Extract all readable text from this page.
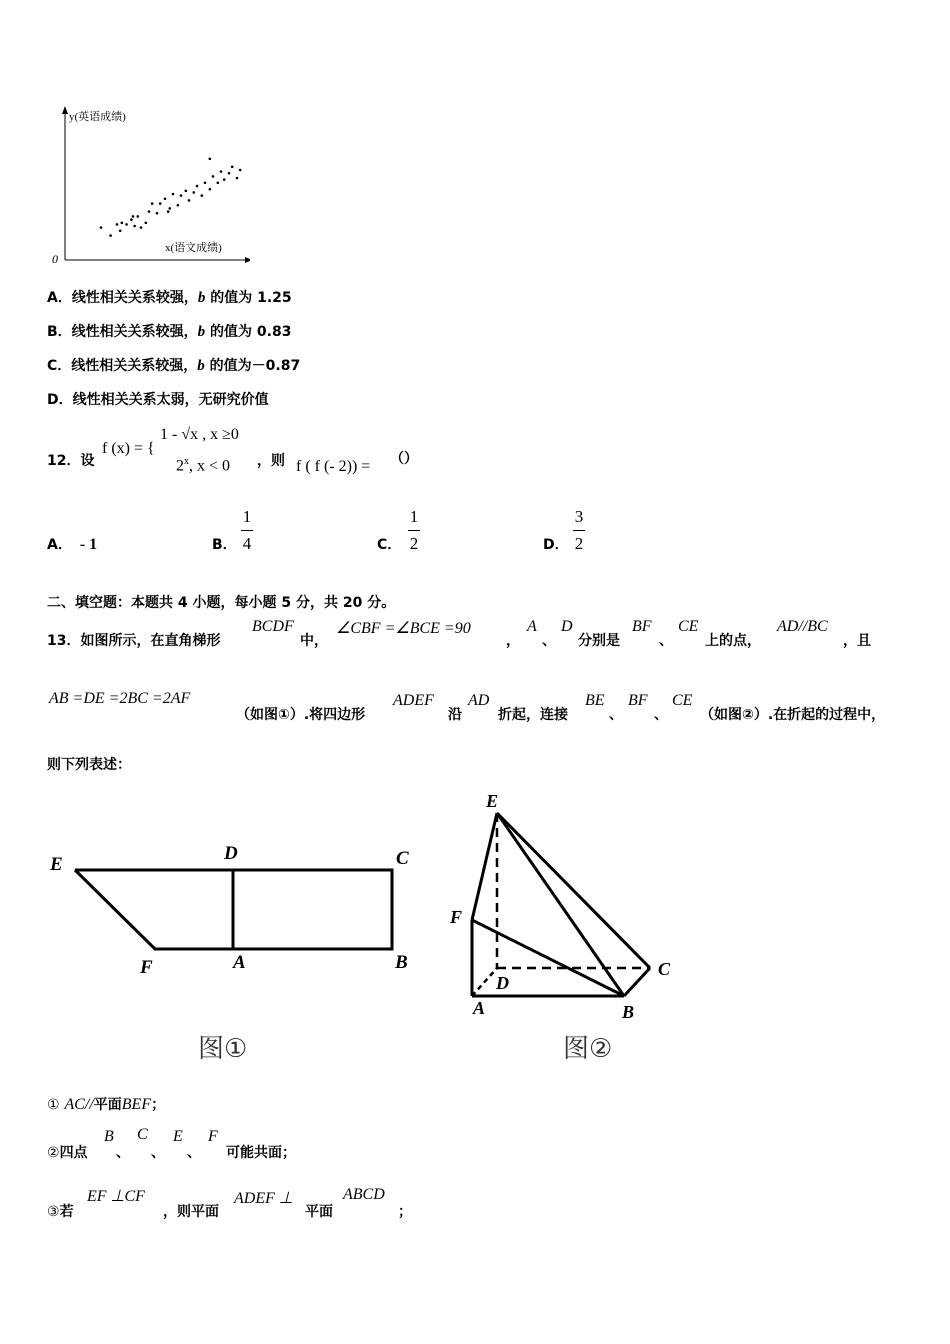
y(英语成绩)
x(语文成绩)
0
A．线性相关关系较强，b 的值为 1.25
B．线性相关关系较强，b 的值为 0.83
C．线性相关关系较强，b 的值为－0.87
D．线性相关关系太弱，无研究价值
12．设
f (x) = {
1 - √x , x ≥0
2$^x$, x < 0 ，则 f ( f (- 2)) = （）
A． - 1	B．
1
4	C．
1
2	D．
3
2
二、填空题：本题共 4 小题，每小题 5 分，共 20 分。
13．如图所示，在直角梯形
BCDF
中，
∠CBF =∠BCE =90
，
A
、
D
分别是
BF
、
CE
上的点，
AD//BC
，且
AB =DE =2BC =2AF
（如图①）.将四边形
ADEF
沿
AD
折起，连接
BE
、
BF
、
CE
（如图②）.在折起的过程中，
则下列表述：
E
D	C
F	A	B
图①
E
F
D
C
A	B
图②
① AC//平面BEF；
②四点
B
、
C
、
E
、
F
可能共面；
③若
EF ⊥CF
，则平面
ADEF ⊥
平面
ABCD
；
